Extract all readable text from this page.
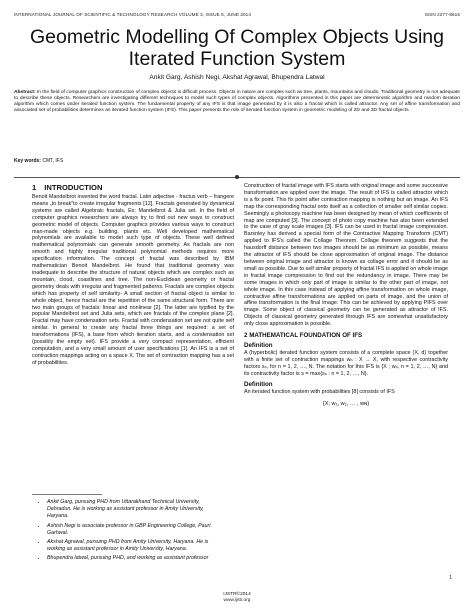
INTERNATIONAL JOURNAL OF SCIENTIFIC & TECHNOLOGY RESEARCH VOLUME 3, ISSUE 6, JUNE 2014	ISSN 2277-8616
Geometric Modelling Of Complex Objects Using
Iterated Function System
Ankit Garg, Ashish Negi, Akshat Agrawal, Bhupendra Latwal
Abstract: In the field of computer graphics construction of complex objects is difficult process. Objects in nature are complex such as tree, plants, mountains and clouds. Traditional geometry is not adequate to describe these objects. Researchers are investigating different techniques to model such types of complex objects. Algorithms presented in this paper are deterministic algorithm and random iteration algorithm which comes under iterated function system. The fundamental property of any IFS is that image generated by it is also a fractal which is called attractor. Any set of affine transformation and associated set of probabilities determines an iterated function system (IFS). This paper presents the role of iterated function system in geometric modeling of 2D and 3D fractal objects.
Key words: CMT, IFS
1 INTRODUCTION

Benoit Mandelbrot invented the word fractal. Latin adjective - fractus verb – frangere means „to break‟to create irregular fragments [12]. Fractals generated by dynamical systems are called Algebraic fractals, Ex: Mandelbrot & Julia set. In the field of computer graphics researchers are always try to find out new ways to construct geometric model of objects. Computer graphics provides various ways to construct man-made objects e.g. building, plants etc. Well developed mathematical polynomials are available to model such type of objects. These well defined mathematical polynomials can generate smooth geometry. As fractals are non smooth and highly irregular traditional polynomial methods requires more specification information. The concept of fractal was described by IBM mathematician Benoit Mandelbrot. He found that traditional geometry was inadequate to describe the structure of natural objects which are complex such as mountain, cloud, coastlines and tree. The non-Euclidean geometry or fractal geometry deals with irregular and fragmented patterns. Fractals are complex objects which has property of self similarity- A small section of fractal object is similar to whole object, hence fractal are the repetition of the same structural form. There are two main groups of fractals: linear and nonlinear [2]. The latter are typified by the popular Mandelbrot set and Julia sets, which are fractals of the complex plane [2]. Fractal may have condensation sets. Fractal with condensation set are not quite self similar. In general to create any fractal three things are required: a set of transformations (IFS), a base from which iteration starts, and a condensation set (possibly the empty set). IFS provide a very compact representation, efficient computation, and a very small amount of user specifications [1]. An IFS is a set of contraction mappings acting on a space X. The set of contraction mapping has a set of probabilities.

Construction of fractal image with IFS starts with original image and some successive transformation are applied over the image. The result of IFS is called attractor which is a fix point. This fix point after contraction mapping is nothing but an image. An IFS map the corresponding fractal onto itself as a collection of smaller self similar copies. Seemingly a photocopy machine has been designed by mean of which coefficients of map are computed [3]. The concept of photo copy machine has also been extended to the case of gray scale images [3]. IFS can be used in fractal image compression. Barsnley has derived a special form of the Contractive Mapping Transform (CMT) applied to IFS's called the Collage Theorem. Collage theorem suggests that the hausdorff distance between two images should be as minimum as possible, means the attractor of IFS should be close approximation of original image. The distance between original image and attractor is known as collage error and it should be as small as possible. Due to self similar property of fractal IFS is applied on whole image in fractal image compression to find out the redundancy in image. There may be some images in which only part of image is similar to the other part of image, not whole image. In this case instead of applying affine transformation on whole image, contractive affine transformations are applied on parts of image, and the union of affine transformation is the final image. This can be achieved by applying PIFS over image. Some object of classical geometry can be generated as attractor of IFS. Objects of classical geometry generated through IFS are somewhat unsatisfactory only close approximation is possible.

2 MATHEMATICAL FOUNDATION OF IFS
Definition

A (hyperbolic) iterated function system consists of a complete space (X, d) together with a finite set of contraction mappings wₙ : X → X, with respective contractivity factors sₙ, for n = 1, 2, …, N. The notation for this IFS is {X ; wₙ, n = 1, 2, …, N} and its contractivity factor is s = max{sₙ : n = 1, 2, …, N}.

Definition

An iterated function system with probabilities [8] consists of IFS

{X; w₁, w₂, … , wɴ}
• Ankit Garg, pursuing PHD from Uttarakhand Technical University, Dehradun. He is working as assistant professor in Amity University, Haryana.
• Ashish Negi is associate professor in GBP Engineering College, Pauri Garhwal.
• Akshat Agrawal, pursuing PHD from Amity University, Haryana. He is working as assistant professor in Amity University, Haryana.
• Bhupendra latwal, pursuing PHD, and working as assistant professor
1
IJSTR©2014
www.ijstr.org
